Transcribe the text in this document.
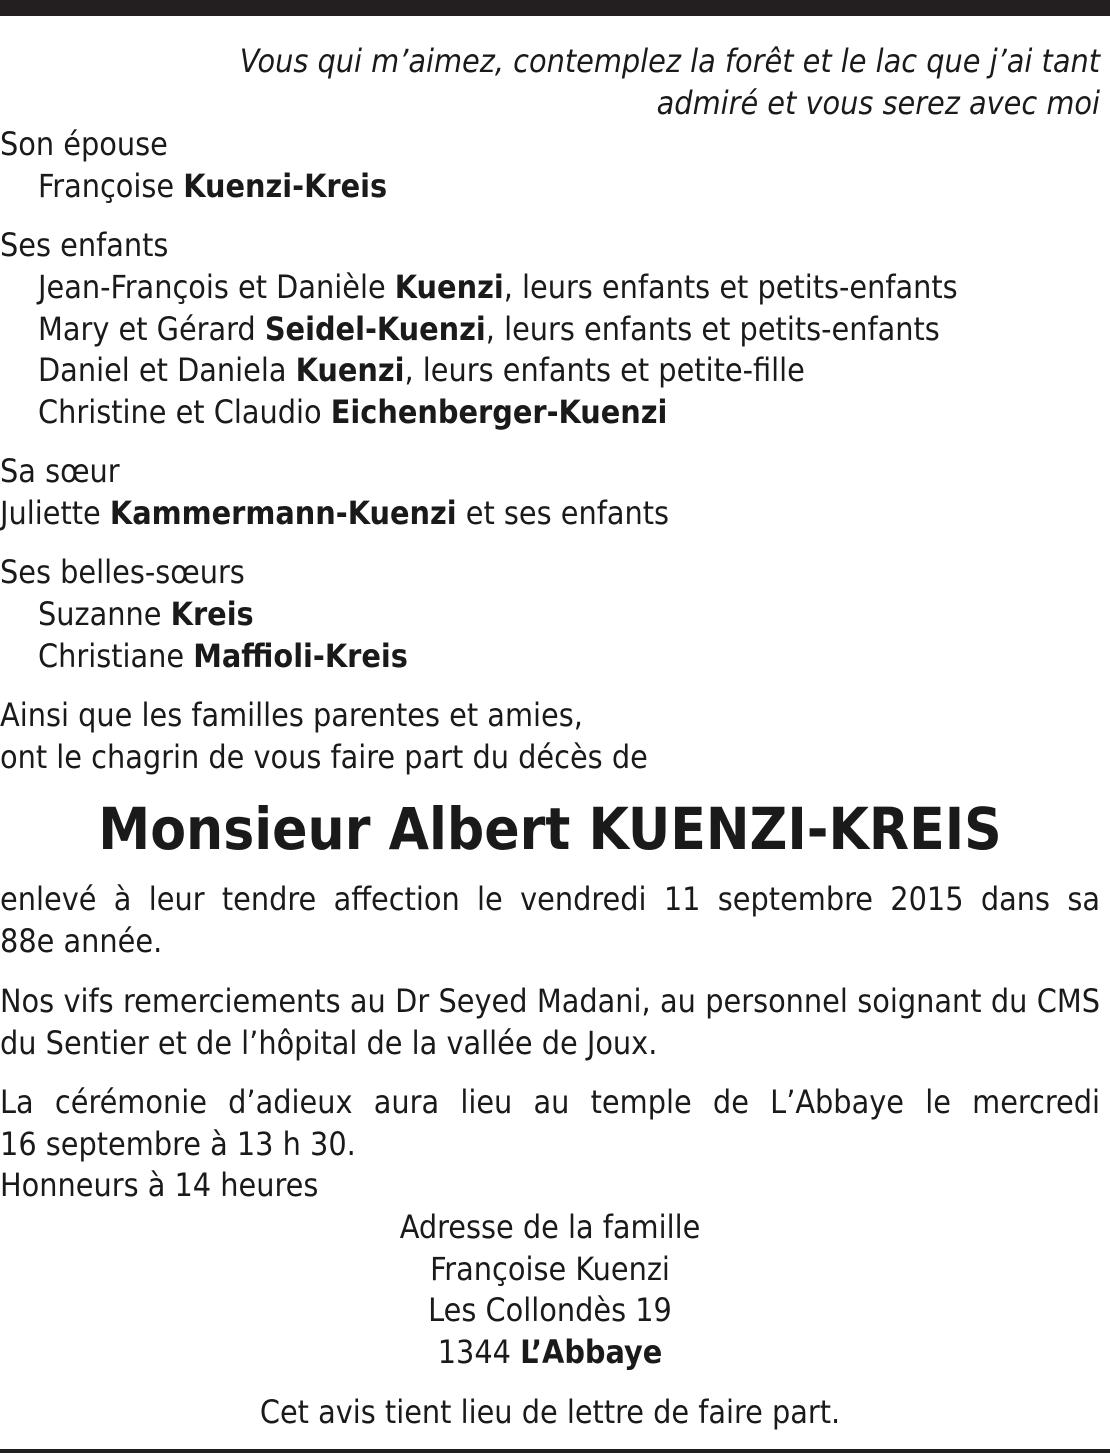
Vous qui m’aimez, contemplez la forêt et le lac que j’ai tant
admiré et vous serez avec moi
Son épouse
Françoise Kuenzi-Kreis
Ses enfants
Jean-François et Danièle Kuenzi, leurs enfants et petits-enfants
Mary et Gérard Seidel-Kuenzi, leurs enfants et petits-enfants
Daniel et Daniela Kuenzi, leurs enfants et petite-fille
Christine et Claudio Eichenberger-Kuenzi
Sa sœur
Juliette Kammermann-Kuenzi et ses enfants
Ses belles-sœurs
Suzanne Kreis
Christiane Maffioli-Kreis
Ainsi que les familles parentes et amies,
ont le chagrin de vous faire part du décès de
Monsieur Albert KUENZI-KREIS
enlevé à leur tendre affection le vendredi 11 septembre 2015 dans sa
88e année.
Nos vifs remerciements au Dr Seyed Madani, au personnel soignant du CMS
du Sentier et de l’hôpital de la vallée de Joux.
La cérémonie d’adieux aura lieu au temple de L’Abbaye le mercredi
16 septembre à 13 h 30.
Honneurs à 14 heures
Adresse de la famille
Françoise Kuenzi
Les Collondès 19
1344 L’Abbaye
Cet avis tient lieu de lettre de faire part.
